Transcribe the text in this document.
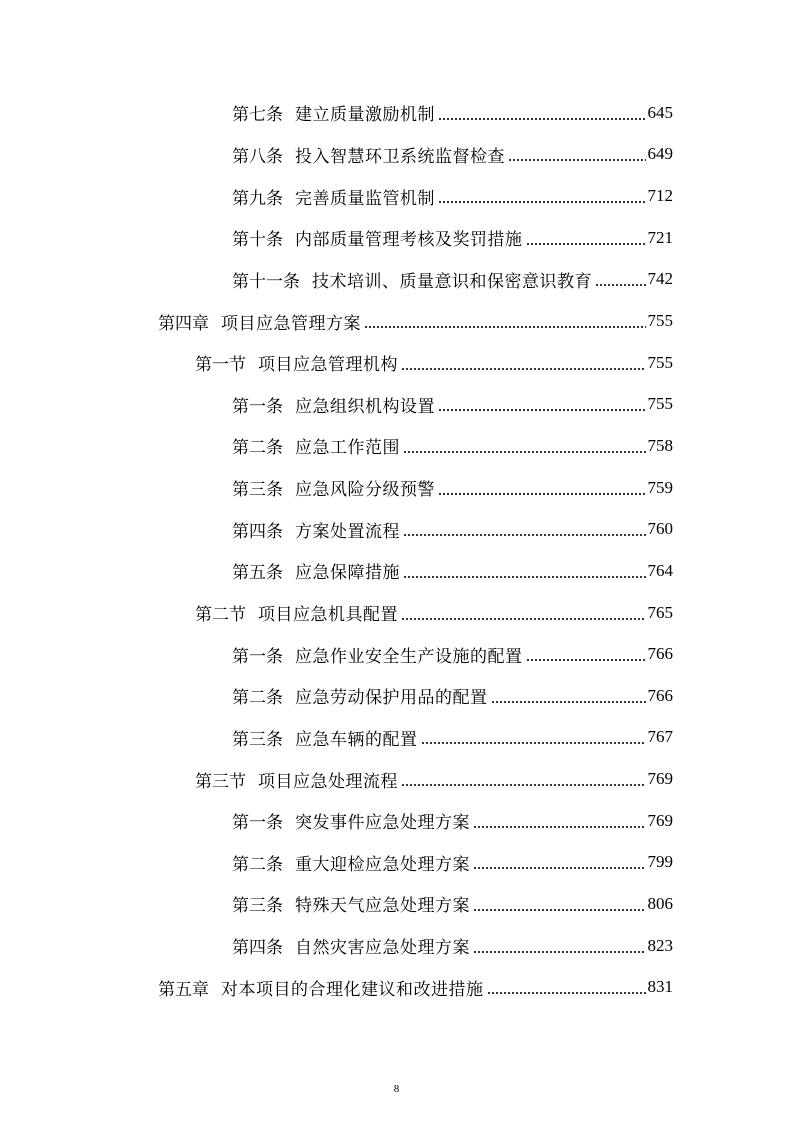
第七条 建立质量激励机制	645
第八条 投入智慧环卫系统监督检查	649
第九条 完善质量监管机制	712
第十条 内部质量管理考核及奖罚措施	721
第十一条 技术培训、质量意识和保密意识教育	742
第四章 项目应急管理方案	755
第一节 项目应急管理机构	755
第一条 应急组织机构设置	755
第二条 应急工作范围	758
第三条 应急风险分级预警	759
第四条 方案处置流程	760
第五条 应急保障措施	764
第二节 项目应急机具配置	765
第一条 应急作业安全生产设施的配置	766
第二条 应急劳动保护用品的配置	766
第三条 应急车辆的配置	767
第三节 项目应急处理流程	769
第一条 突发事件应急处理方案	769
第二条 重大迎检应急处理方案	799
第三条 特殊天气应急处理方案	806
第四条 自然灾害应急处理方案	823
第五章 对本项目的合理化建议和改进措施	831
8
